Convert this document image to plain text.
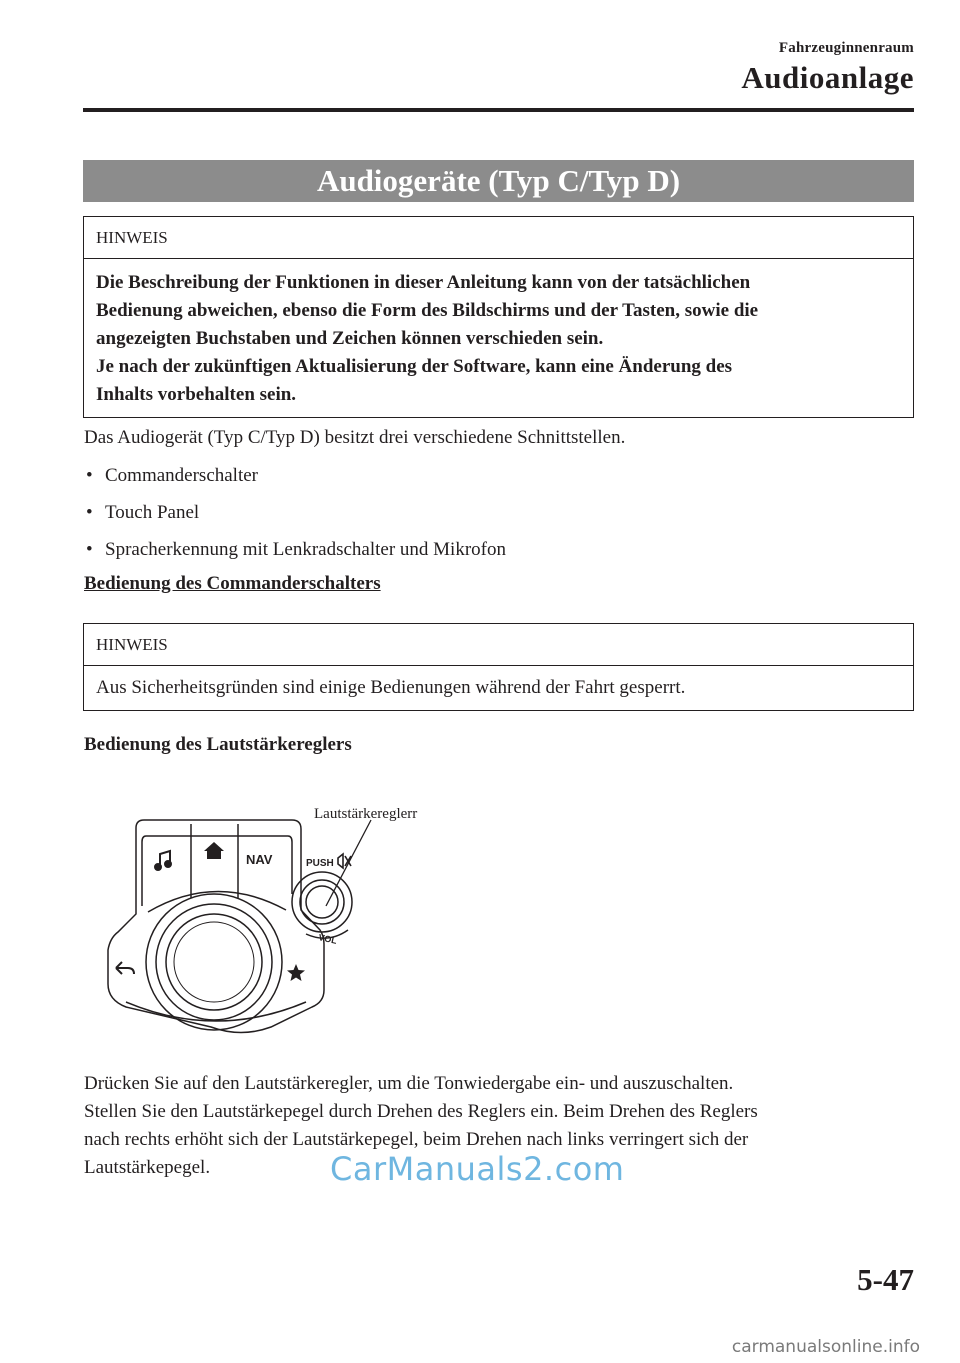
Fahrzeuginnenraum
Audioanlage
Audiogeräte (Typ C/Typ D)
HINWEIS
Die Beschreibung der Funktionen in dieser Anleitung kann von der tatsächlichen
Bedienung abweichen, ebenso die Form des Bildschirms und der Tasten, sowie die
angezeigten Buchstaben und Zeichen können verschieden sein.
Je nach der zukünftigen Aktualisierung der Software, kann eine Änderung des
Inhalts vorbehalten sein.
Das Audiogerät (Typ C/Typ D) besitzt drei verschiedene Schnittstellen.
• Commanderschalter
• Touch Panel
• Spracherkennung mit Lenkradschalter und Mikrofon
Bedienung des Commanderschalters
HINWEIS
Aus Sicherheitsgründen sind einige Bedienungen während der Fahrt gesperrt.
Bedienung des Lautstärkereglers
Lautstärkereglerr
NAV	PUSH
VOL
Drücken Sie auf den Lautstärkeregler, um die Tonwiedergabe ein- und auszuschalten.
Stellen Sie den Lautstärkepegel durch Drehen des Reglers ein. Beim Drehen des Reglers
nach rechts erhöht sich der Lautstärkepegel, beim Drehen nach links verringert sich der
Lautstärkepegel.	CarManuals2.com
5-47
carmanualsonline.info
